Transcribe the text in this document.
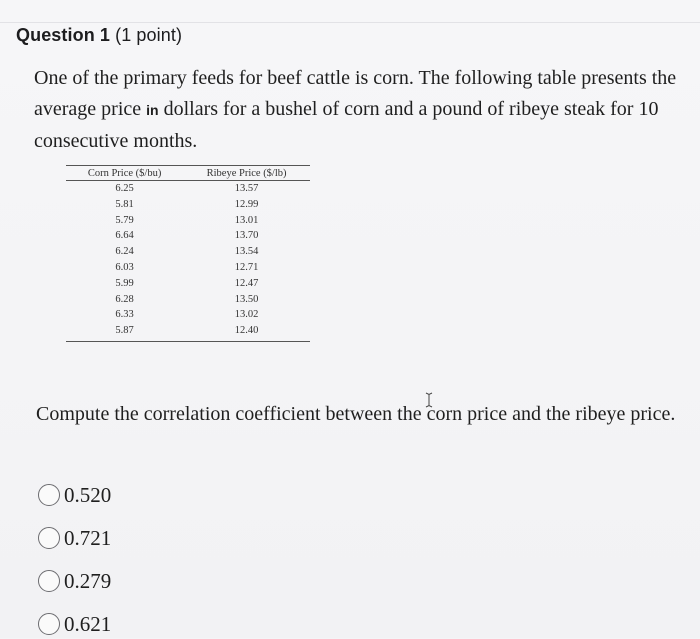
Question 1 (1 point)
One of the primary feeds for beef cattle is corn. The following table presents the average price in dollars for a bushel of corn and a pound of ribeye steak for 10 consecutive months.
Corn Price ($/bu)	Ribeye Price ($/lb)
6.25	13.57
5.81	12.99
5.79	13.01
6.64	13.70
6.24	13.54
6.03	12.71
5.99	12.47
6.28	13.50
6.33	13.02
5.87	12.40
Compute the correlation coefficient between the corn price and the ribeye price.
0.520
0.721
0.279
0.621
